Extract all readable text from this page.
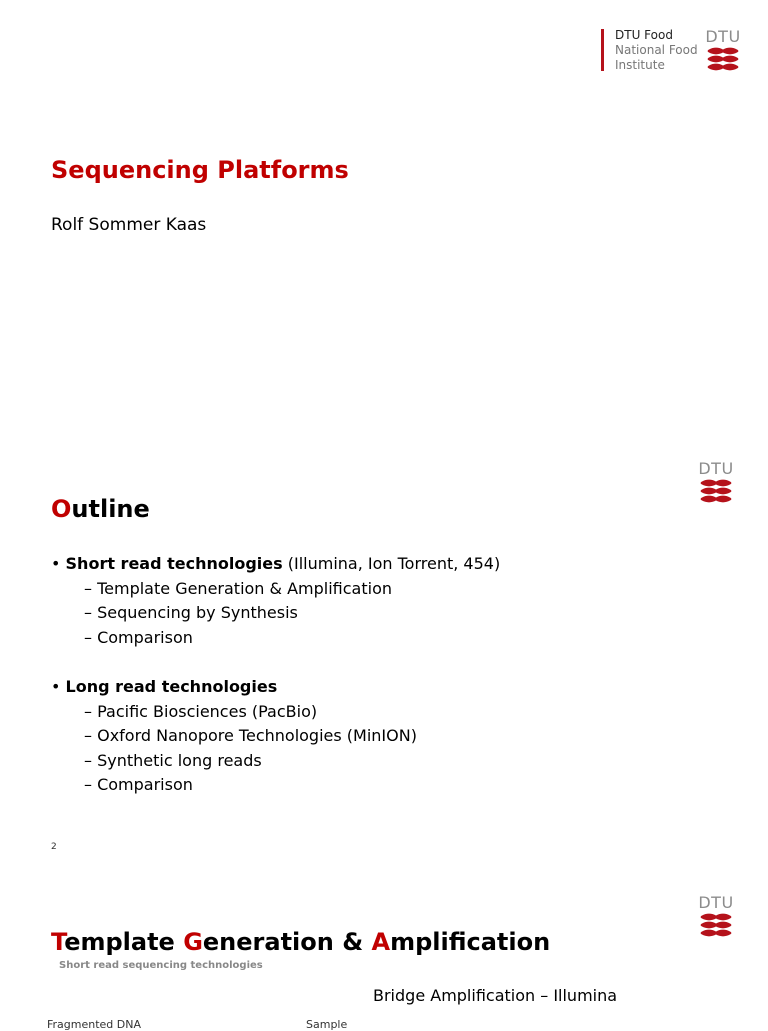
DTU Food
National Food
Institute
DTU
Sequencing Platforms
Rolf Sommer Kaas
DTU
Outline
• Short read technologies (Illumina, Ion Torrent, 454)
– Template Generation & Amplification
– Sequencing by Synthesis
– Comparison
• Long read technologies
– Pacific Biosciences (PacBio)
– Oxford Nanopore Technologies (MinION)
– Synthetic long reads
– Comparison
2
DTU
Template Generation & Amplification
Short read sequencing technologies
Bridge Amplification – Illumina
Fragmented DNA	Sample
